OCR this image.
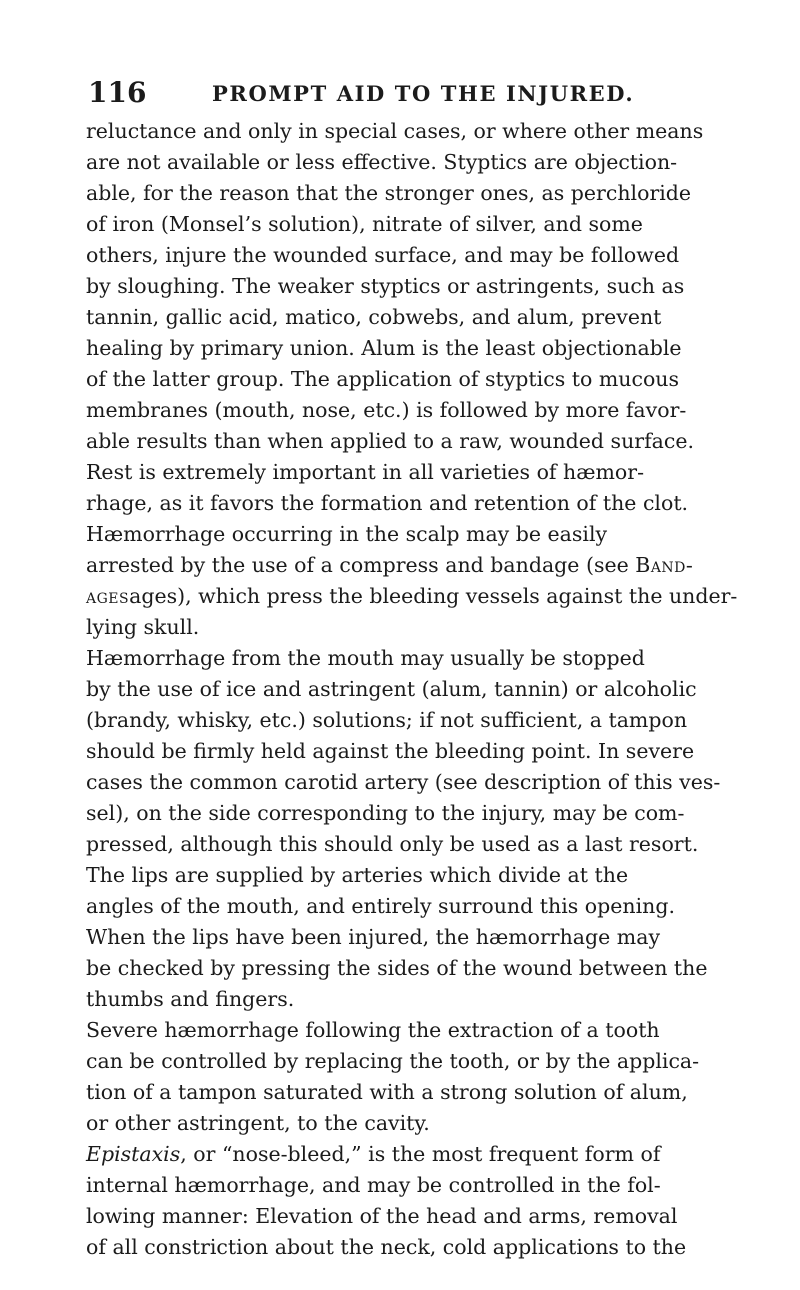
116	PROMPT AID TO THE INJURED.
reluctance and only in special cases, or where other means
are not available or less effective. Styptics are objection-
able, for the reason that the stronger ones, as perchloride
of iron (Monsel’s solution), nitrate of silver, and some
others, injure the wounded surface, and may be followed
by sloughing. The weaker styptics or astringents, such as
tannin, gallic acid, matico, cobwebs, and alum, prevent
healing by primary union. Alum is the least objectionable
of the latter group. The application of styptics to mucous
membranes (mouth, nose, etc.) is followed by more favor-
able results than when applied to a raw, wounded surface.
Rest is extremely important in all varieties of hæmor-
rhage, as it favors the formation and retention of the clot.
Hæmorrhage occurring in the scalp may be easily
arrested by the use of a compress and bandage (see Band-
agesages), which press the bleeding vessels against the under-
lying skull.
Hæmorrhage from the mouth may usually be stopped
by the use of ice and astringent (alum, tannin) or alcoholic
(brandy, whisky, etc.) solutions; if not sufficient, a tampon
should be firmly held against the bleeding point. In severe
cases the common carotid artery (see description of this ves-
sel), on the side corresponding to the injury, may be com-
pressed, although this should only be used as a last resort.
The lips are supplied by arteries which divide at the
angles of the mouth, and entirely surround this opening.
When the lips have been injured, the hæmorrhage may
be checked by pressing the sides of the wound between the
thumbs and fingers.
Severe hæmorrhage following the extraction of a tooth
can be controlled by replacing the tooth, or by the applica-
tion of a tampon saturated with a strong solution of alum,
or other astringent, to the cavity.
Epistaxis, or “nose-bleed,” is the most frequent form of
internal hæmorrhage, and may be controlled in the fol-
lowing manner: Elevation of the head and arms, removal
of all constriction about the neck, cold applications to the
